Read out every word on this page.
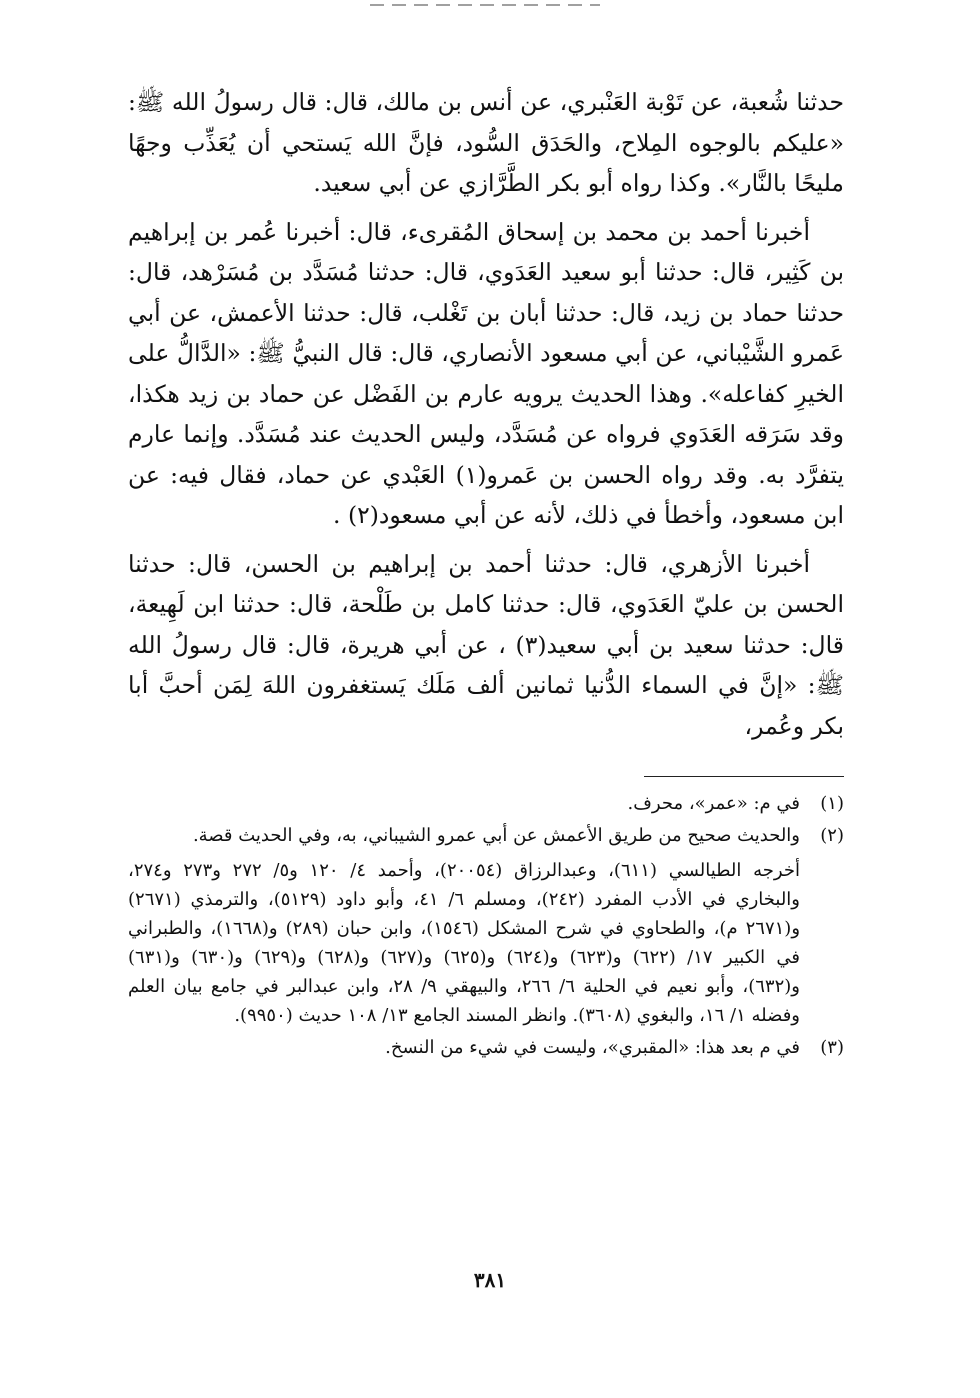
حدثنا شُعبة، عن تَوْبة العَنْبري، عن أنس بن مالك، قال: قال رسولُ الله ﷺ: «عليكم بالوجوه المِلاح، والحَدَق السُّود، فإنَّ الله يَستحي أن يُعَذِّب وجهًا مليحًا بالنَّار». وكذا رواه أبو بكر الطَّرَّازي عن أبي سعيد.

أخبرنا أحمد بن محمد بن إسحاق المُقرىء، قال: أخبرنا عُمر بن إبراهيم بن كَثِير، قال: حدثنا أبو سعيد العَدَوي، قال: حدثنا مُسَدَّد بن مُسَرْهد، قال: حدثنا حماد بن زيد، قال: حدثنا أبان بن تَغْلب، قال: حدثنا الأعمش، عن أبي عَمرو الشَّيْباني، عن أبي مسعود الأنصاري، قال: قال النبيُّ ﷺ: «الدَّالُّ على الخيرِ كفاعله». وهذا الحديث يرويه عارم بن الفَضْل عن حماد بن زيد هكذا، وقد سَرَقه العَدَوي فرواه عن مُسَدَّد، وليس الحديث عند مُسَدَّد. وإنما عارم يتفرَّد به. وقد رواه الحسن بن عَمرو(١) العَبْدي عن حماد، فقال فيه: عن ابن مسعود، وأخطأ في ذلك، لأنه عن أبي مسعود(٢) .

أخبرنا الأزهري، قال: حدثنا أحمد بن إبراهيم بن الحسن، قال: حدثنا الحسن بن عليّ العَدَوي، قال: حدثنا كامل بن طَلْحة، قال: حدثنا ابن لَهِيعة، قال: حدثنا سعيد بن أبي سعيد(٣) ، عن أبي هريرة، قال: قال رسولُ الله ﷺ: «إنَّ في السماء الدُّنيا ثمانين ألف مَلَك يَستغفرون اللهَ لِمَن أحبَّ أبا بكر وعُمر،

(١)
في م: «عمر»، محرف.
(٢)
والحديث صحيح من طريق الأعمش عن أبي عمرو الشيباني، به، وفي الحديث قصة.
أخرجه الطيالسي (٦١١)، وعبدالرزاق (٢٠٠٥٤)، وأحمد ٤/ ١٢٠ و٥/ ٢٧٢ و٢٧٣ و٢٧٤، والبخاري في الأدب المفرد (٢٤٢)، ومسلم ٦/ ٤١، وأبو داود (٥١٢٩)، والترمذي (٢٦٧١) و(٢٦٧١ م)، والطحاوي في شرح المشكل (١٥٤٦)، وابن حبان (٢٨٩) و(١٦٦٨)، والطبراني في الكبير ١٧/ (٦٢٢) و(٦٢٣) و(٦٢٤) و(٦٢٥) و(٦٢٧) و(٦٢٨) و(٦٢٩) و(٦٣٠) و(٦٣١) و(٦٣٢)، وأبو نعيم في الحلية ٦/ ٢٦٦، والبيهقي ٩/ ٢٨، وابن عبدالبر في جامع بيان العلم وفضله ١/ ١٦، والبغوي (٣٦٠٨). وانظر المسند الجامع ١٣/ ١٠٨ حديث (٩٩٥٠).
(٣)
في م بعد هذا: «المقبري»، وليست في شيء من النسخ.
٣٨١
